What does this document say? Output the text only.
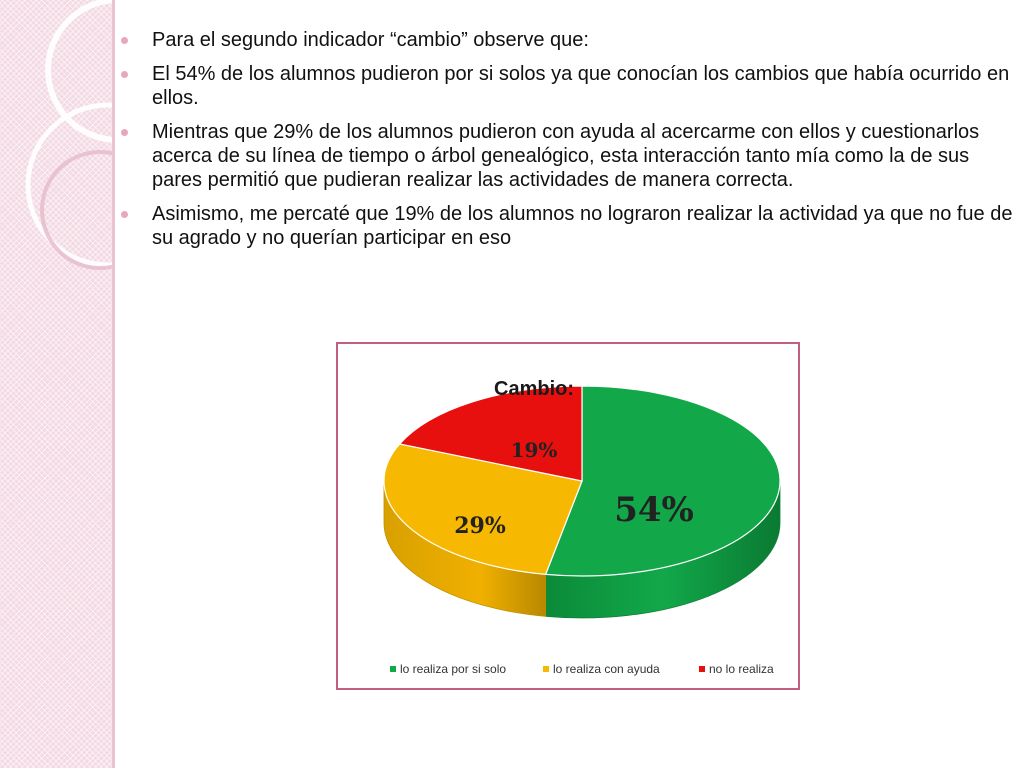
Para el segundo indicador “cambio” observe que:
El 54% de los alumnos pudieron por si solos ya que conocían los cambios que había ocurrido en ellos.
Mientras que 29% de los alumnos pudieron con ayuda al acercarme con ellos y cuestionarlos acerca de su línea de tiempo o árbol genealógico, esta interacción tanto mía como la de sus pares permitió que pudieran realizar las actividades de manera correcta.
Asimismo, me percaté que 19% de los alumnos no lograron realizar la actividad ya que no fue de su agrado y no querían participar en eso
Cambio:
54%
29%
19%
lo realiza por si solo	lo realiza con ayuda	no lo realiza
